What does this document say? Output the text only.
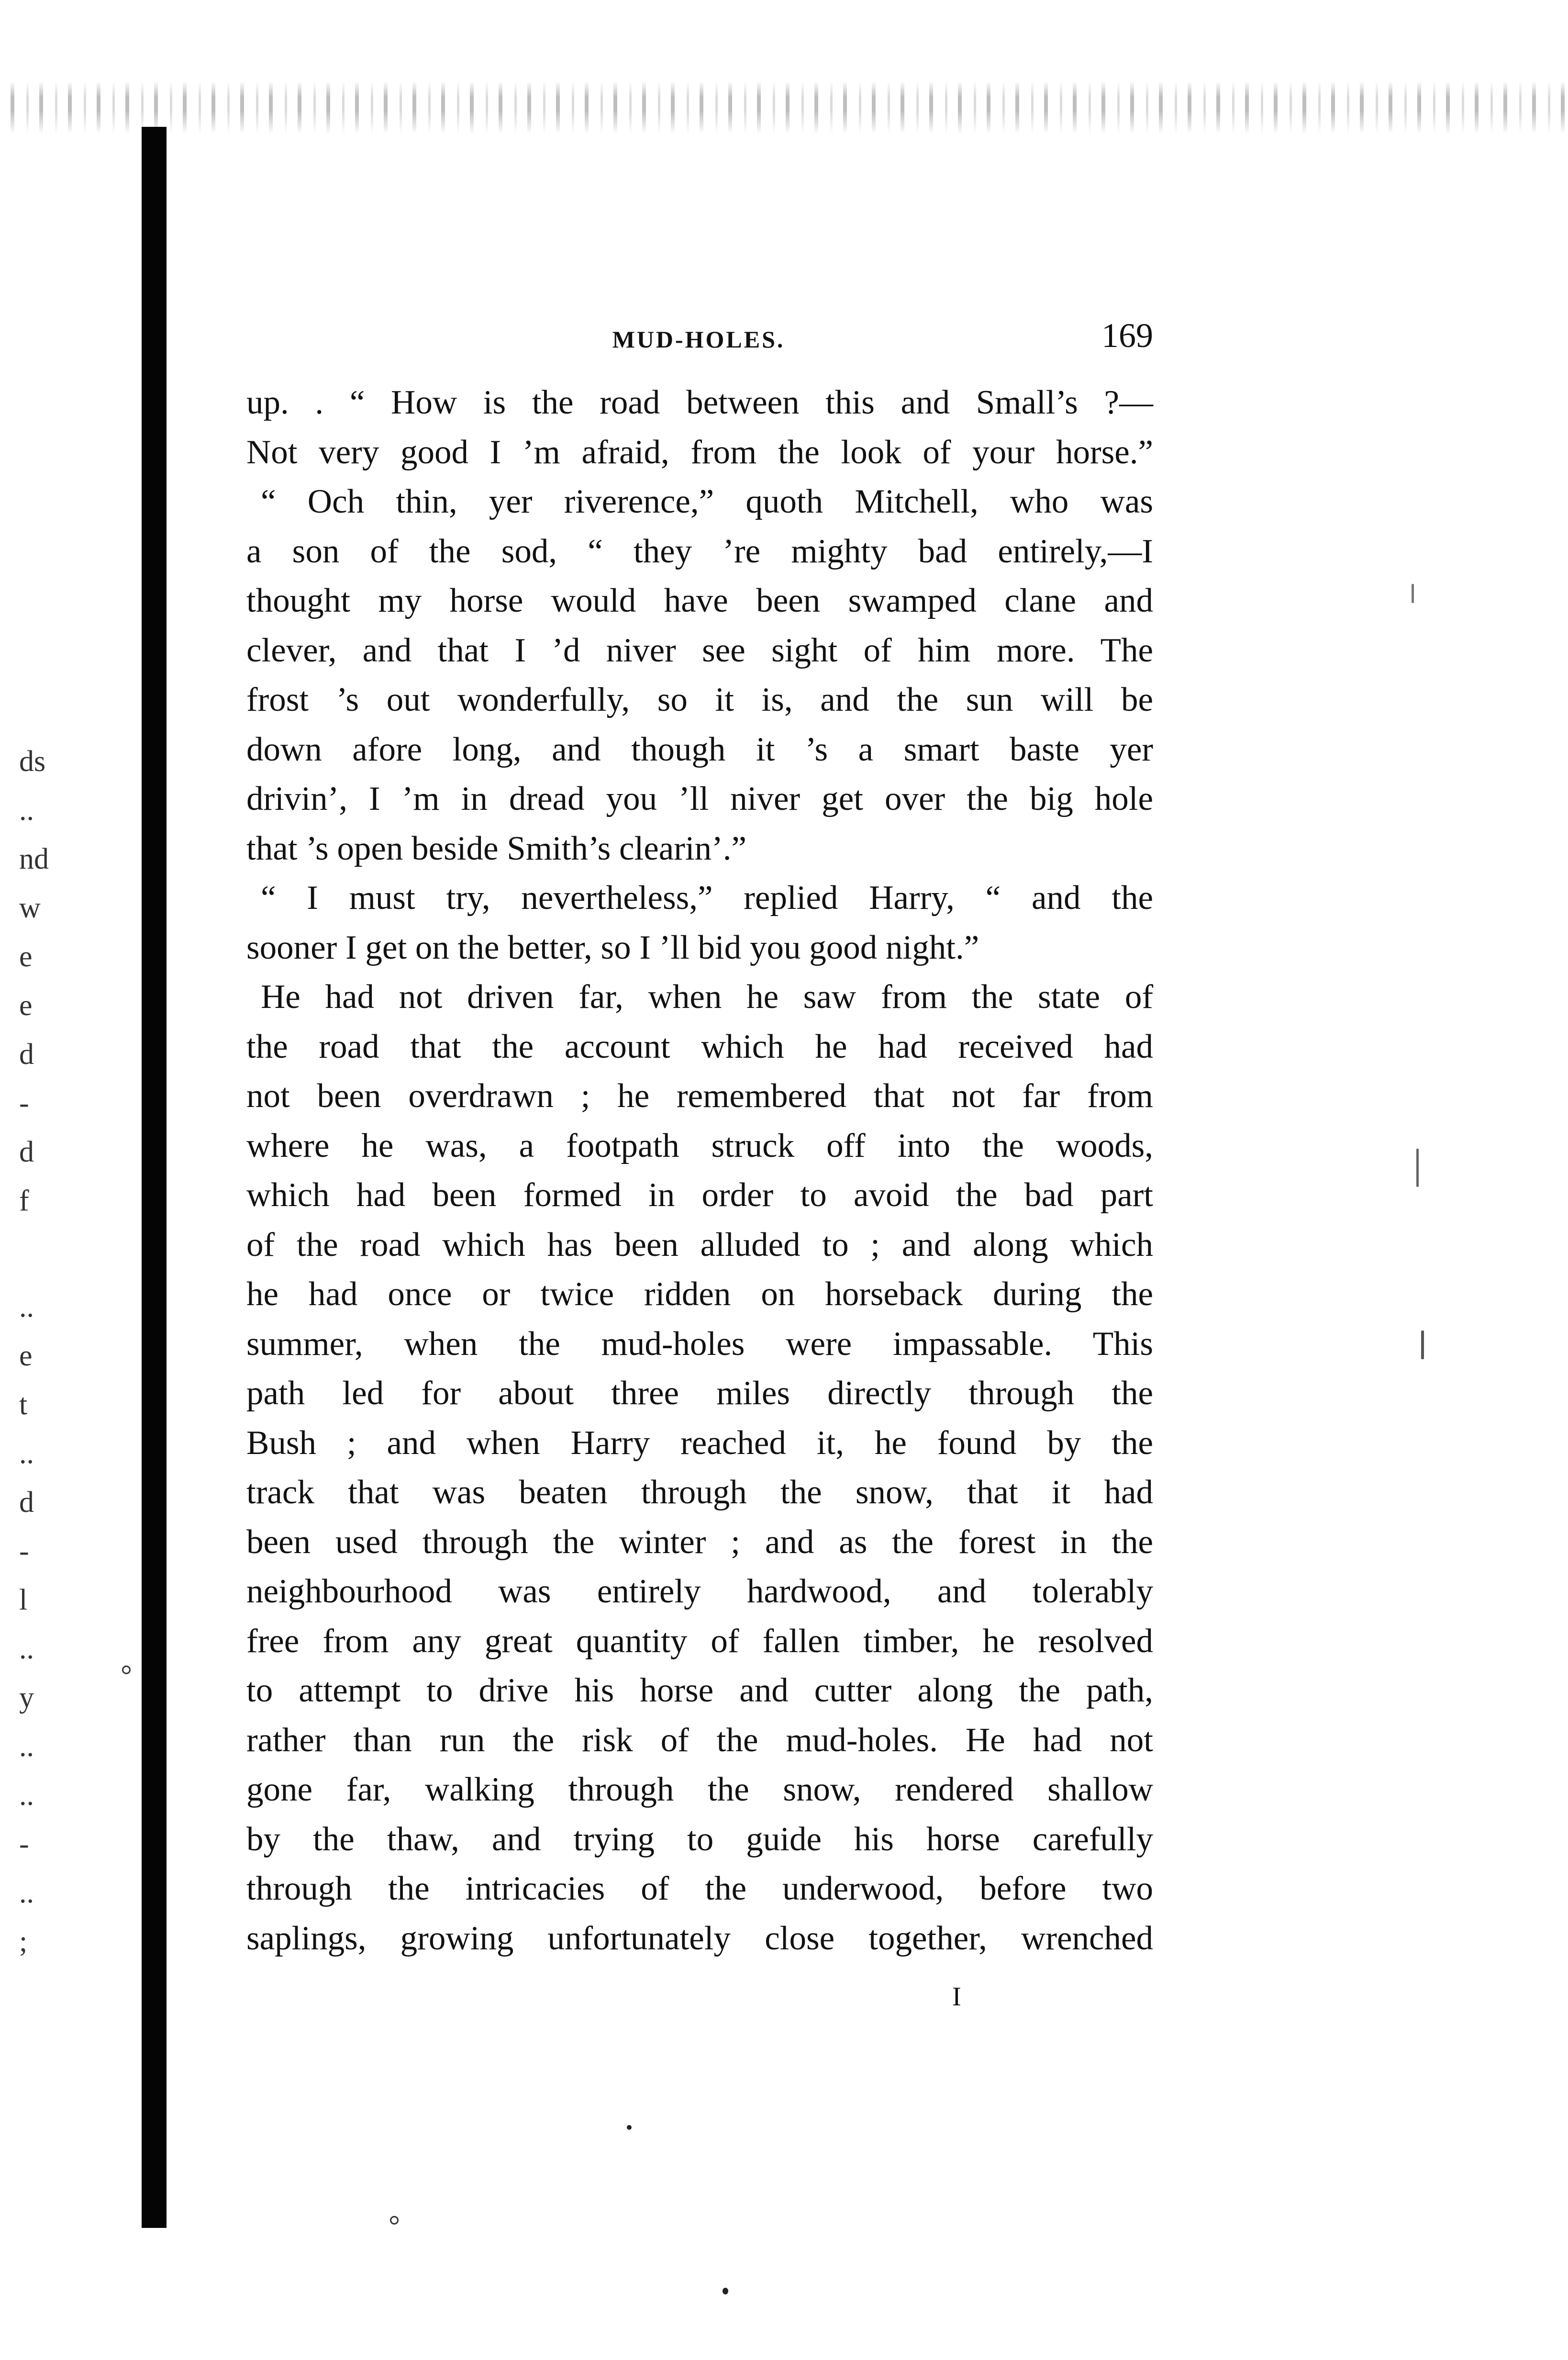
ds
..
nd
w
e
e
d
-
d
f
..
e
t
..
d
-
l
..
y
..
..
-
..
;
MUD-HOLES.	169
up. . “ How is the road between this and Small’s ?—
Not very good I ’m afraid, from the look of your horse.”
“ Och thin, yer riverence,” quoth Mitchell, who was
a son of the sod, “ they ’re mighty bad entirely,—I
thought my horse would have been swamped clane and
clever, and that I ’d niver see sight of him more. The
frost ’s out wonderfully, so it is, and the sun will be
down afore long, and though it ’s a smart baste yer
drivin’, I ’m in dread you ’ll niver get over the big hole
that ’s open beside Smith’s clearin’.”
“ I must try, nevertheless,” replied Harry, “ and the
sooner I get on the better, so I ’ll bid you good night.”
He had not driven far, when he saw from the state of
the road that the account which he had received had
not been overdrawn ; he remembered that not far from
where he was, a footpath struck off into the woods,
which had been formed in order to avoid the bad part
of the road which has been alluded to ; and along which
he had once or twice ridden on horseback during the
summer, when the mud-holes were impassable. This
path led for about three miles directly through the
Bush ; and when Harry reached it, he found by the
track that was beaten through the snow, that it had
been used through the winter ; and as the forest in the
neighbourhood was entirely hardwood, and tolerably
free from any great quantity of fallen timber, he resolved
to attempt to drive his horse and cutter along the path,
rather than run the risk of the mud-holes. He had not
gone far, walking through the snow, rendered shallow
by the thaw, and trying to guide his horse carefully
through the intricacies of the underwood, before two
saplings, growing unfortunately close together, wrenched
I
